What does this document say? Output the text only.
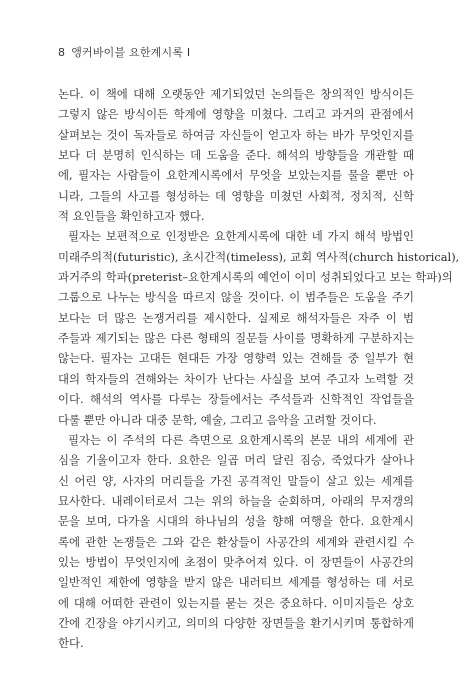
8 앵커바이블 요한계시록 I
논다. 이 책에 대해 오랫동안 제기되었던 논의들은 창의적인 방식이든
그렇지 않은 방식이든 학계에 영향을 미쳤다. 그리고 과거의 관점에서
살펴보는 것이 독자들로 하여금 자신들이 얻고자 하는 바가 무엇인지를
보다 더 분명히 인식하는 데 도움을 준다. 해석의 방향들을 개관할 때
에, 필자는 사람들이 요한계시록에서 무엇을 보았는지를 물을 뿐만 아
니라, 그들의 사고를 형성하는 데 영향을 미쳤던 사회적, 정치적, 신학
적 요인들을 확인하고자 했다.
필자는 보편적으로 인정받은 요한계시록에 대한 네 가지 해석 방법인
미래주의적(futuristic), 초시간적(timeless), 교회 역사적(church historical),
과거주의 학파(preterist–요한계시록의 예언이 이미 성취되었다고 보는 학파)의
그룹으로 나누는 방식을 따르지 않을 것이다. 이 범주들은 도움을 주기
보다는 더 많은 논쟁거리를 제시한다. 실제로 해석자들은 자주 이 범
주들과 제기되는 많은 다른 형태의 질문들 사이를 명확하게 구분하지는
않는다. 필자는 고대든 현대든 가장 영향력 있는 견해들 중 일부가 현
대의 학자들의 견해와는 차이가 난다는 사실을 보여 주고자 노력할 것
이다. 해석의 역사를 다루는 장들에서는 주석들과 신학적인 작업들을
다룰 뿐만 아니라 대중 문학, 예술, 그리고 음악을 고려할 것이다.
필자는 이 주석의 다른 측면으로 요한계시록의 본문 내의 세계에 관
심을 기울이고자 한다. 요한은 일곱 머리 달린 짐승, 죽었다가 살아나
신 어린 양, 사자의 머리들을 가진 공격적인 말들이 살고 있는 세계를
묘사한다. 내레이터로서 그는 위의 하늘을 순회하며, 아래의 무저갱의
문을 보며, 다가올 시대의 하나님의 성을 향해 여행을 한다. 요한계시
록에 관한 논쟁들은 그와 같은 환상들이 사공간의 세계와 관련시킬 수
있는 방법이 무엇인지에 초점이 맞추어져 있다. 이 장면들이 사공간의
일반적인 제한에 영향을 받지 않은 내러티브 세계를 형성하는 데 서로
에 대해 어떠한 관련이 있는지를 묻는 것은 중요하다. 이미지들은 상호
간에 긴장을 야기시키고, 의미의 다양한 장면들을 환기시키며 통합하게
한다.
